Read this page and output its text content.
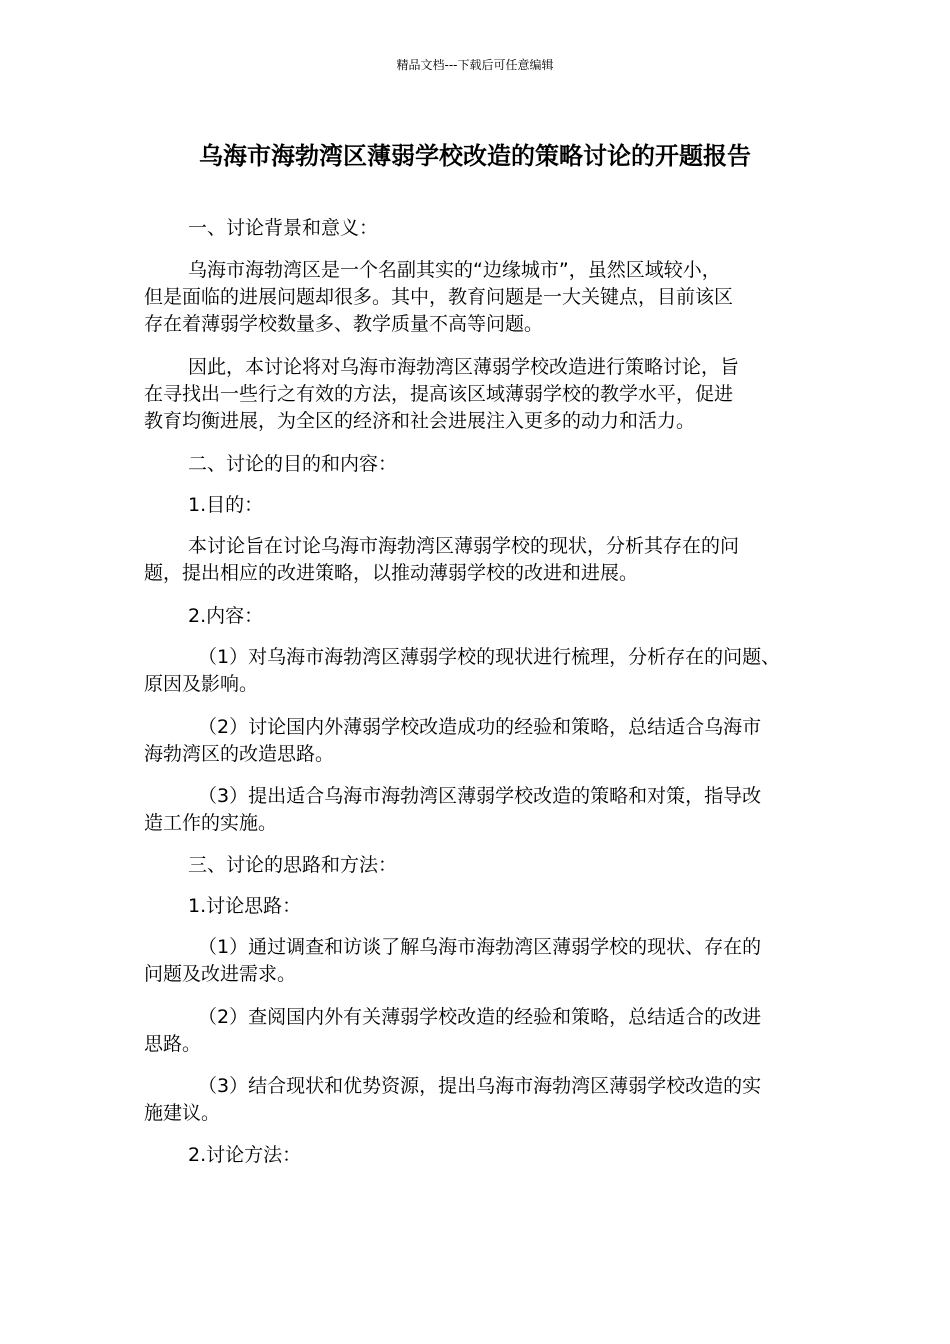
精品文档---下载后可任意编辑
乌海市海勃湾区薄弱学校改造的策略讨论的开题报告
一、讨论背景和意义：
乌海市海勃湾区是一个名副其实的“边缘城市”，虽然区域较小，
但是面临的进展问题却很多。其中，教育问题是一大关键点，目前该区
存在着薄弱学校数量多、教学质量不高等问题。
因此，本讨论将对乌海市海勃湾区薄弱学校改造进行策略讨论，旨
在寻找出一些行之有效的方法，提高该区域薄弱学校的教学水平，促进
教育均衡进展，为全区的经济和社会进展注入更多的动力和活力。
二、讨论的目的和内容：
1.目的：
本讨论旨在讨论乌海市海勃湾区薄弱学校的现状，分析其存在的问
题，提出相应的改进策略，以推动薄弱学校的改进和进展。
2.内容：
（1）对乌海市海勃湾区薄弱学校的现状进行梳理，分析存在的问题、
原因及影响。
（2）讨论国内外薄弱学校改造成功的经验和策略，总结适合乌海市
海勃湾区的改造思路。
（3）提出适合乌海市海勃湾区薄弱学校改造的策略和对策，指导改
造工作的实施。
三、讨论的思路和方法：
1.讨论思路：
（1）通过调查和访谈了解乌海市海勃湾区薄弱学校的现状、存在的
问题及改进需求。
（2）查阅国内外有关薄弱学校改造的经验和策略，总结适合的改进
思路。
（3）结合现状和优势资源，提出乌海市海勃湾区薄弱学校改造的实
施建议。
2.讨论方法：
